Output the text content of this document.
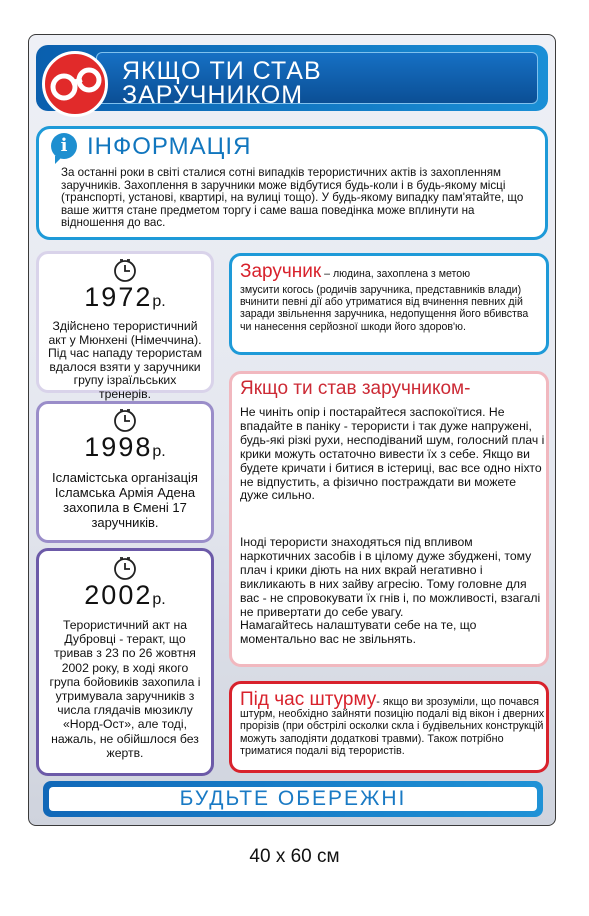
ЯКЩО ТИ СТАВ
ЗАРУЧНИКОМ
i ІНФОРМАЦІЯ

За останні роки в світі сталися сотні випадків терористичних актів із захопленням заручників. Захоплення в заручники може відбутися будь-коли і в будь-якому місці (транспорті, установі, квартирі, на вулиці тощо). У будь-якому випадку пам'ятайте, що ваше життя стане предметом торгу і саме ваша поведінка може вплинути на відношення до вас.

1972р.
Здійснено терористичний акт у Мюнхені (Німеччина). Під час нападу терористам вдалося взяти у заручники групу ізраїльських тренерів.
1998р.
Ісламістська організація Ісламська Армія Адена захопила в Ємені 17 заручників.
2002р.
Терористичний акт на Дубровці - теракт, що тривав з 23 по 26 жовтня 2002 року, в ході якого група бойовиків захопила і утримувала заручників з числа глядачів мюзиклу «Норд-Ост», але тоді, нажаль, не обійшлося без жертв.
Заручник – людина, захоплена з метою

змусити когось (родичів заручника, представників влади) вчинити певні дії або утриматися від вчинення певних дій заради звільнення заручника, недопущення його вбивства чи нанесення серйозної шкоди його здоров'ю.

Якщо ти став заручником-

Не чиніть опір і постарайтеся заспокоїтися. Не впадайте в паніку - терористи і так дуже напружені, будь-які різкі рухи, несподіваний шум, голосний плач і крики можуть остаточно вивести їх з себе. Якщо ви будете кричати і битися в істериці, вас все одно ніхто не відпустить, а фізично постраждати ви можете дуже сильно.

Іноді терористи знаходяться під впливом наркотичних засобів і в цілому дуже збуджені, тому плач і крики діють на них вкрай негативно і викликають в них зайву агресію. Тому головне для вас - не спровокувати їх гнів і, по можливості, взагалі не привертати до себе увагу.
Намагайтесь налаштувати себе на те, що моментально вас не звільнять.

Під час штурму- якщо ви зрозуміли, що почався штурм, необхідно зайняти позицію подалі від вікон і дверних прорізів (при обстрілі осколки скла і будівельних конструкцій можуть заподіяти додаткові травми). Також потрібно триматися подалі від терористів.

БУДЬТЕ ОБЕРЕЖНІ
40 x 60 см
